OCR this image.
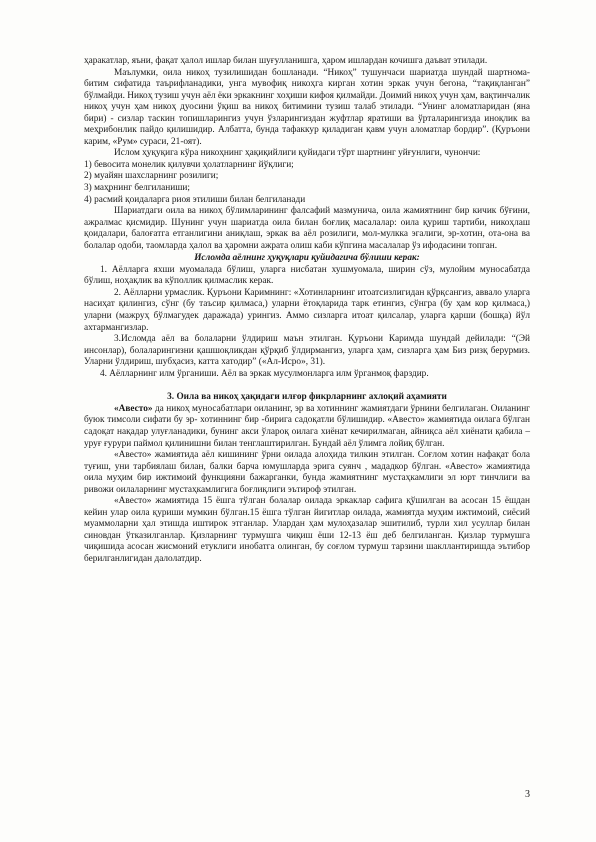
ҳаракатлар, яъни, фақат ҳалол ишлар билан шуғулланишга, ҳаром ишлардан кочишга даъват этилади.

Маълумки, оила никоҳ тузилишидан бошланади. “Никоҳ” тушунчаси шариатда шундай шартнома-битим сифатида таърифланадики, унга мувофиқ никоҳга кирган хотин эркак учун бегона, “тақиқланган” бўлмайди. Никоҳ тузиш учун аёл ёки эркакнинг хоҳиши кифоя қилмайди. Доимий никоҳ учун ҳам, вақтинчалик никоҳ учун ҳам никоҳ дуосини ўқиш ва никоҳ битимини тузиш талаб этилади. “Унинг аломатларидан (яна бири) - сизлар таскин топишларингиз учун ўзларингиздан жуфтлар яратиши ва ўрталарингизда иноқлик ва меҳрибонлик пайдо қилишидир. Албатта, бунда тафаккур қиладиган қавм учун аломатлар бордир”. (Қуръони карим, «Рум» сураси, 21-оят).

Ислом ҳуқуқига кўра никоҳнинг ҳақиқийлиги қуйидаги тўрт шартнинг уйғунлиги, чунончи:

1) бевосита монелик қилувчи ҳолатларнинг йўқлиги;

2) муайян шахсларнинг розилиги;

3) маҳрнинг белгиланиши;

4) расмий қоидаларга риоя этилиши билан белгиланади

Шариатдаги оила ва никоҳ бўлимларининг фалсафий мазмунича, оила жамиятнинг бир кичик бўғини, ажралмас қисмидир. Шунинг учун шариатда оила билан боғлиқ масалалар: оила қуриш тартиби, никоҳлаш қоидалари, балоғатга етганлигини аниқлаш, эркак ва аёл розилиги, мол-мулкка эгалиги, эр-хотин, ота-она ва болалар одоби, таомларда ҳалол ва ҳаромни ажрата олиш каби кўпгина масалалар ўз ифодасини топган.

Исломда аёлнинг ҳуқуқлари қуйидагича бўлиши керак:

1. Аёлларга яхши муомалада бўлиш, уларга нисбатан хушмуомала, ширин сўз, мулойим муносабатда бўлиш, ноҳақлик ва кўполлик қилмаслик керак.

2. Аёлларни урмаслик. Қуръони Каримнинг: «Хотинларнинг итоатсизлигидан қўрқсангиз, аввало уларга насиҳат қилингиз, сўнг (бу таъсир қилмаса,) уларни ётоқларида тарк етингиз, сўнгра (бу ҳам кор қилмаса,) уларни (мажруҳ бўлмагудек даражада) урингиз. Аммо сизларга итоат қилсалар, уларга қарши (бошқа) йўл ахтармангизлар.

3.Исломда аёл ва болаларни ўлдириш маън этилган. Қуръони Каримда шундай дейилади: “(Эй инсонлар), болаларингизни қашшоқликдан қўрқиб ўлдирмангиз, уларга ҳам, сизларга ҳам Биз ризқ берурмиз. Уларни ўлдириш, шубҳасиз, катта хатодир” («Ал-Исро», 31).

4. Аёлларнинг илм ўрганиши. Аёл ва эркак мусулмонларга илм ўрганмоқ фарздир.

3. Оила ва никоҳ ҳақидаги илғор фикрларнинг ахлоқий аҳамияти

«Авесто» да никоҳ муносабатлари оиланинг, эр ва хотиннинг жамиятдаги ўрнини белгилаган. Оиланинг буюк тимсоли сифати бу эр- хотиннинг бир -бирига садоқатли бўлишидир. «Авесто» жамиятида оилага бўлган садоқат нақадар улуғланадики, бунинг акси ўлароқ оилага хиёнат кечирилмаган, айниқса аёл хиёнати қабила – уруғ ғурури паймол қилинишни билан тенглаштирилган. Бундай аёл ўлимга лойиқ бўлган.

«Авесто» жамиятида аёл кишининг ўрни оилада алоҳида тилкин этилган. Соғлом хотин нафақат бола туғиш, уни тарбиялаш билан, балки барча юмушларда эрига суянч , мададкор бўлган. «Авесто» жамиятида оила муҳим бир ижтимоий функцияни бажарганки, бунда жамиятнинг мустаҳкамлиги эл юрт тинчлиги ва ривожи оилаларнинг мустаҳкамлигига боғлиқлиги эътироф этилган.

«Авесто» жамиятида 15 ёшга тўлган болалар оилада эркаклар сафига қўшилган ва асосан 15 ёшдан кейин улар оила қуриши мумкин бўлган.15 ёшга тўлган йигитлар оилада, жамиятда муҳим ижтимоий, сиёсий муаммоларни ҳал этишда иштирок этганлар. Улардан ҳам мулоҳазалар эшитилиб, турли хил усуллар билан синовдан ўтказилганлар. Қизларнинг турмушга чиқиш ёши 12-13 ёш деб белгиланган. Қизлар турмушга чиқишида асосан жисмоний етуклиги инобатга олинган, бу соғлом турмуш тарзини шакллантиришда эътибор берилганлигидан далолатдир.

3
